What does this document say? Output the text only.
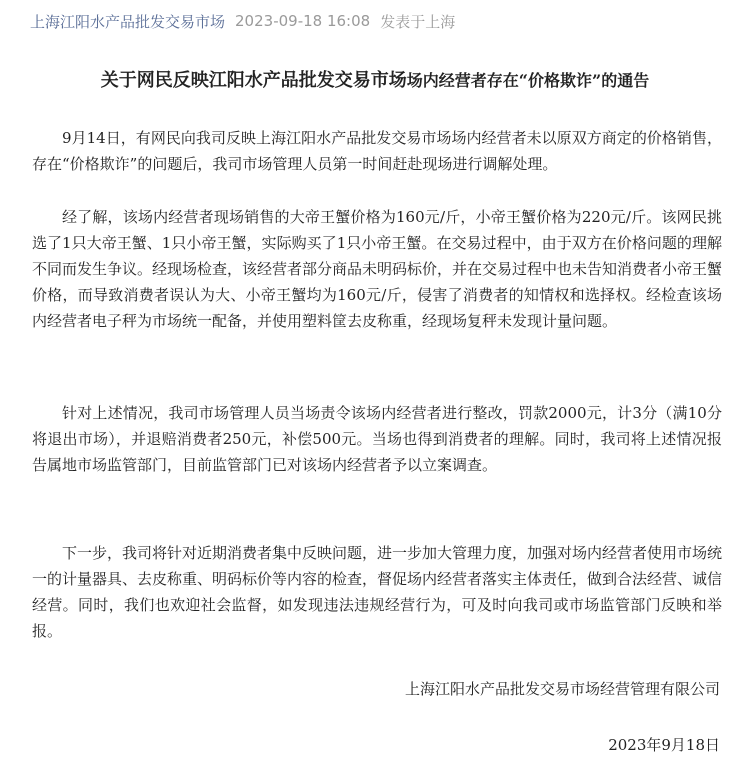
上海江阳水产品批发交易市场 2023-09-18 16:08 发表于上海
关于网民反映江阳水产品批发交易市场场内经营者存在“价格欺诈”的通告

9月14日，有网民向我司反映上海江阳水产品批发交易市场场内经营者未以原双方商定的价格销售，存在“价格欺诈”的问题后，我司市场管理人员第一时间赶赴现场进行调解处理。

经了解，该场内经营者现场销售的大帝王蟹价格为160元/斤，小帝王蟹价格为220元/斤。该网民挑选了1只大帝王蟹、1只小帝王蟹，实际购买了1只小帝王蟹。在交易过程中，由于双方在价格问题的理解不同而发生争议。经现场检查，该经营者部分商品未明码标价，并在交易过程中也未告知消费者小帝王蟹价格，而导致消费者误认为大、小帝王蟹均为160元/斤，侵害了消费者的知情权和选择权。经检查该场内经营者电子秤为市场统一配备，并使用塑料筐去皮称重，经现场复秤未发现计量问题。

针对上述情况，我司市场管理人员当场责令该场内经营者进行整改，罚款2000元，计3分（满10分将退出市场），并退赔消费者250元，补偿500元。当场也得到消费者的理解。同时，我司将上述情况报告属地市场监管部门，目前监管部门已对该场内经营者予以立案调查。

下一步，我司将针对近期消费者集中反映问题，进一步加大管理力度，加强对场内经营者使用市场统一的计量器具、去皮称重、明码标价等内容的检查，督促场内经营者落实主体责任，做到合法经营、诚信经营。同时，我们也欢迎社会监督，如发现违法违规经营行为，可及时向我司或市场监管部门反映和举报。

上海江阳水产品批发交易市场经营管理有限公司
2023年9月18日
